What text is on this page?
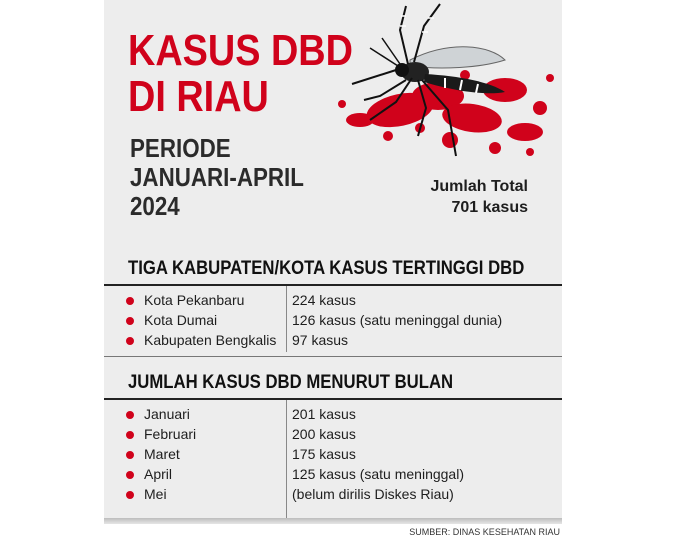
KASUS DBD
DI RIAU
PERIODE
JANUARI-APRIL
2024
Jumlah Total
701 kasus
TIGA KABUPATEN/KOTA KASUS TERTINGGI DBD
Kota Pekanbaru	224 kasus
Kota Dumai	126 kasus (satu meninggal dunia)
Kabupaten Bengkalis 97 kasus
JUMLAH KASUS DBD MENURUT BULAN
Januari	201 kasus
Februari	200 kasus
Maret	175 kasus
April	125 kasus (satu meninggal)
Mei	(belum dirilis Diskes Riau)
SUMBER: DINAS KESEHATAN RIAU
